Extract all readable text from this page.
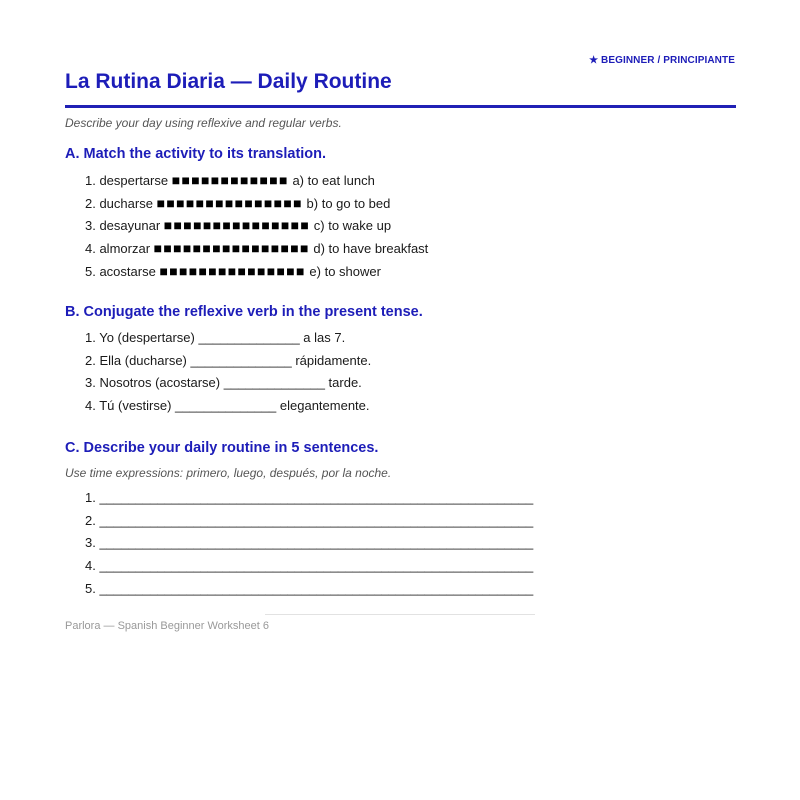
★ BEGINNER / PRINCIPIANTE
La Rutina Diaria — Daily Routine
Describe your day using reflexive and regular verbs.
A. Match the activity to its translation.
1. despertarse ■■■■■■■■■■■■ a) to eat lunch
2. ducharse ■■■■■■■■■■■■■■■ b) to go to bed
3. desayunar ■■■■■■■■■■■■■■■ c) to wake up
4. almorzar ■■■■■■■■■■■■■■■■ d) to have breakfast
5. acostarse ■■■■■■■■■■■■■■■ e) to shower
B. Conjugate the reflexive verb in the present tense.
1. Yo (despertarse) ______________ a las 7.
2. Ella (ducharse) ______________ rápidamente.
3. Nosotros (acostarse) ______________ tarde.
4. Tú (vestirse) ______________ elegantemente.
C. Describe your daily routine in 5 sentences.
Use time expressions: primero, luego, después, por la noche.
1. ____________________________________________________________
2. ____________________________________________________________
3. ____________________________________________________________
4. ____________________________________________________________
5. ____________________________________________________________
Parlora — Spanish Beginner Worksheet 6
